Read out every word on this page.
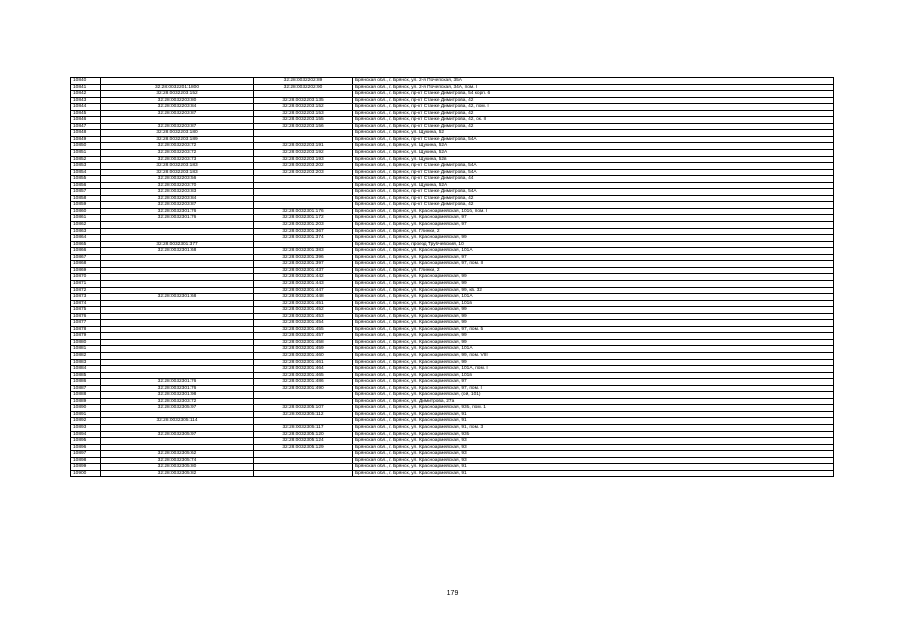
10840		32:28:0032202:89	Брянская обл., г. Брянск, ул. 2-я Почепская, 35А
10841	32:28:0032201:1800	32:28:0032202:90	Брянская обл., г. Брянск, ул. 2-я Почепская, 34А, пом. I
10842	32:28:0032203:152		Брянская обл., г. Брянск, пр-кт Станке Димитрова, 54 корп. 6
10843	32:28:0032203:80	32:28:0032203:135	Брянская обл., г. Брянск, пр-кт Станке Димитрова, 42
10844	32:28:0032203:84	32:28:0032203:152	Брянская обл., г. Брянск, пр-кт Станке Димитрова, 42, пом. I
10845	32:28:0032203:87	32:28:0032203:153	Брянская обл., г. Брянск, пр-кт Станке Димитрова, 42
10846		32:28:0032203:155	Брянская обл., г. Брянск, пр-кт Станке Димитрова, 42, ок. II
10847	32:28:0032203:87	32:28:0032203:156	Брянская обл., г. Брянск, пр-кт Станке Димитрова, 42
10848	32:28:0032203:180		Брянская обл., г. Брянск, ул. Щукина, 52
10849	32:28:0032203:189		Брянская обл., г. Брянск, пр-кт Станке Димитрова, 54А
10850	32:28:0032203:72	32:28:0032203:191	Брянская обл., г. Брянск, ул. Щукина, 52А
10851	32:28:0032203:72	32:28:0032203:192	Брянская обл., г. Брянск, ул. Щукина, 52А
10852	32:28:0032203:73	32:28:0032203:193	Брянская обл., г. Брянск, ул. Щукина, 52в
10853	32:28:0032203:183	32:28:0032203:202	Брянская обл., г. Брянск, пр-кт Станке Димитрова, 54А
10854	32:28:0032203:183	32:28:0032203:203	Брянская обл., г. Брянск, пр-кт Станке Димитрова, 54А
10855	32:28:0032203:56		Брянская обл., г. Брянск, пр-кт Станке Димитрова, 44
10856	32:28:0032203:70		Брянская обл., г. Брянск, ул. Щукина, 52А
10857	32:28:0032203:83		Брянская обл., г. Брянск, пр-кт Станке Димитрова, 54А
10858	32:28:0032203:84		Брянская обл., г. Брянск, пр-кт Станке Димитрова, 42
10859	32:28:0032203:87		Брянская обл., г. Брянск, пр-кт Станке Димитрова, 42
10860	32:28:0032301:76	32:28:0032301:176	Брянская обл., г. Брянск, ул. Красноармейская, 101б, пом. I
10861	32:28:0032301:76	32:28:0032301:172	Брянская обл., г. Брянск, ул. Красноармейская, 97
10862		32:28:0032301:203	Брянская обл., г. Брянск, ул. Красноармейская, 97
10863		32:28:0032301:367	Брянская обл., г. Брянск, ул. Глинки, 2
10864		32:28:0032301:374	Брянская обл., г. Брянск, ул. Красноармейская, 99
10865	32:28:0032301:377		Брянская обл., г. Брянск, проезд Трубчевский, 10
10866	32:28:0032301:68	32:28:0032301:383	Брянская обл., г. Брянск, ул. Красноармейская, 101А
10867		32:28:0032301:396	Брянская обл., г. Брянск, ул. Красноармейская, 97
10868		32:28:0032301:397	Брянская обл., г. Брянск, ул. Красноармейская, 97, пом. II
10869		32:28:0032301:437	Брянская обл., г. Брянск, ул. Глинки, 2
10870		32:28:0032301:442	Брянская обл., г. Брянск, ул. Красноармейская, 99
10871		32:28:0032301:443	Брянская обл., г. Брянск, ул. Красноармейская, 99
10872		32:28:0032301:447	Брянская обл., г. Брянск, ул. Красноармейская, 99, кв. 32
10873	32:28:0032301:68	32:28:0032301:448	Брянская обл., г. Брянск, ул. Красноармейская, 101А
10874		32:28:0032301:451	Брянская обл., г. Брянск, ул. Красноармейская, 101в
10875		32:28:0032301:452	Брянская обл., г. Брянск, ул. Красноармейская, 99
10876		32:28:0032301:453	Брянская обл., г. Брянск, ул. Красноармейская, 99
10877		32:28:0032301:454	Брянская обл., г. Брянск, ул. Красноармейская, 99
10878		32:28:0032301:455	Брянская обл., г. Брянск, ул. Красноармейская, 97, пом. 5
10879		32:28:0032301:457	Брянская обл., г. Брянск, ул. Красноармейская, 99
10880		32:28:0032301:458	Брянская обл., г. Брянск, ул. Красноармейская, 99
10881		32:28:0032301:459	Брянская обл., г. Брянск, ул. Красноармейская, 101А
10882		32:28:0032301:460	Брянская обл., г. Брянск, ул. Красноармейская, 99, пом. VIII
10883		32:28:0032301:461	Брянская обл., г. Брянск, ул. Красноармейская, 99
10884		32:28:0032301:464	Брянская обл., г. Брянск, ул. Красноармейская, 101А, пом. I
10885		32:28:0032301:465	Брянская обл., г. Брянск, ул. Красноармейская, 101в
10886	32:28:0032301:76	32:28:0032301:486	Брянская обл., г. Брянск, ул. Красноармейская, 97
10887	32:28:0032301:76	32:28:0032301:490	Брянская обл., г. Брянск, ул. Красноармейская, 97, пом. I
10888	32:28:0032301:98		Брянская обл., г. Брянск, ул. Красноармейская, (ой, 101)
10889	32:28:0032303:72		Брянская обл., г. Брянск, ул. Димитрова, 27а
10890	32:28:0032305:97	32:28:0032305:107	Брянская обл., г. Брянск, ул. Красноармейская, 93б, пом. 1
10891		32:28:0032305:112	Брянская обл., г. Брянск, ул. Красноармейская, 91
10892	32:28:0032305:114		Брянская обл., г. Брянск, ул. Красноармейская, 91
10893		32:28:0032305:117	Брянская обл., г. Брянск, ул. Красноармейская, 91, пом. 3
10894	32:28:0032305:97	32:28:0032305:120	Брянская обл., г. Брянск, ул. Красноармейская, 93б
10895		32:28:0032305:124	Брянская обл., г. Брянск, ул. Красноармейская, 93
10896		32:28:0032305:129	Брянская обл., г. Брянск, ул. Красноармейская, 93
10897	32:28:0032305:62		Брянская обл., г. Брянск, ул. Красноармейская, 93
10898	32:28:0032305:74		Брянская обл., г. Брянск, ул. Красноармейская, 93
10899	32:28:0032305:80		Брянская обл., г. Брянск, ул. Красноармейская, 91
10900	32:28:0032305:82		Брянская обл., г. Брянск, ул. Красноармейская, 91
179
